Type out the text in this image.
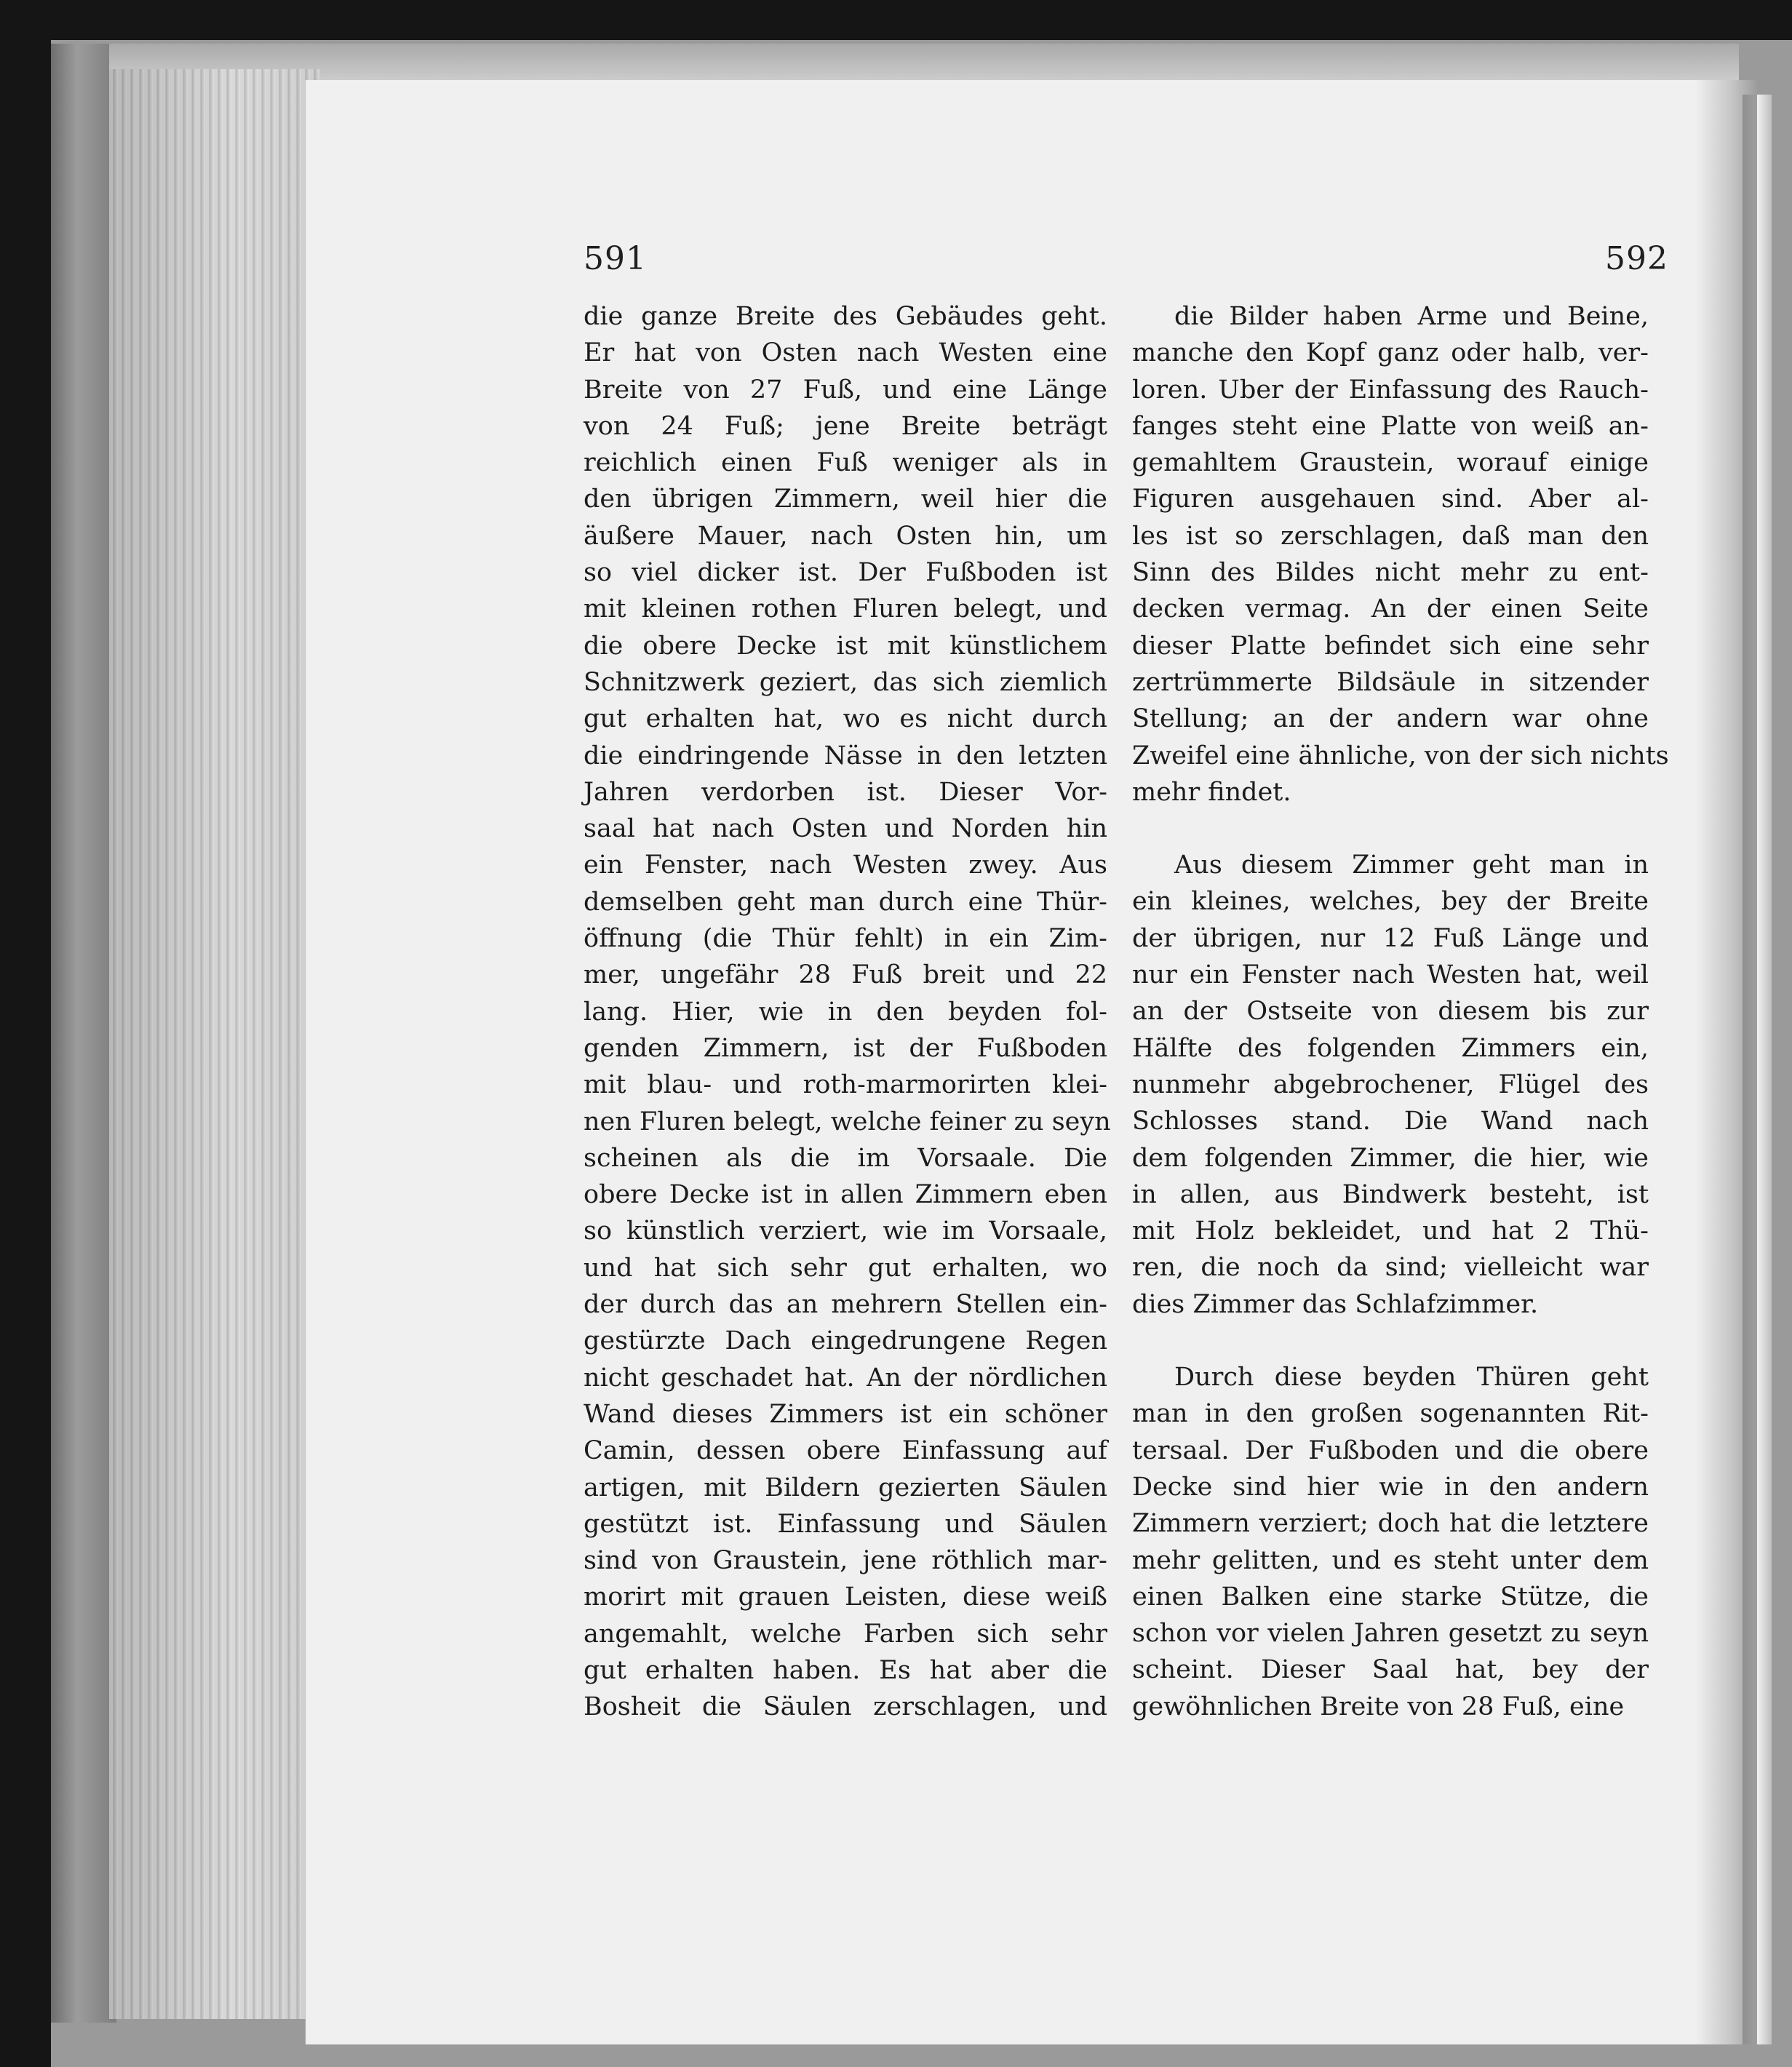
591	592
die ganze Breite des Gebäudes geht.
Er hat von Osten nach Westen eine
Breite von 27 Fuß, und eine Länge
von 24 Fuß; jene Breite beträgt
reichlich einen Fuß weniger als in
den übrigen Zimmern, weil hier die
äußere Mauer, nach Osten hin, um
so viel dicker ist. Der Fußboden ist
mit kleinen rothen Fluren belegt, und
die obere Decke ist mit künstlichem
Schnitzwerk geziert, das sich ziemlich
gut erhalten hat, wo es nicht durch
die eindringende Nässe in den letzten
Jahren verdorben ist. Dieser Vor-
saal hat nach Osten und Norden hin
ein Fenster, nach Westen zwey. Aus
demselben geht man durch eine Thür-
öffnung (die Thür fehlt) in ein Zim-
mer, ungefähr 28 Fuß breit und 22
lang. Hier, wie in den beyden fol-
genden Zimmern, ist der Fußboden
mit blau- und roth-marmorirten klei-
nen Fluren belegt, welche feiner zu seyn
scheinen als die im Vorsaale. Die
obere Decke ist in allen Zimmern eben
so künstlich verziert, wie im Vorsaale,
und hat sich sehr gut erhalten, wo
der durch das an mehrern Stellen ein-
gestürzte Dach eingedrungene Regen
nicht geschadet hat. An der nördlichen
Wand dieses Zimmers ist ein schöner
Camin, dessen obere Einfassung auf
artigen, mit Bildern gezierten Säulen
gestützt ist. Einfassung und Säulen
sind von Graustein, jene röthlich mar-
morirt mit grauen Leisten, diese weiß
angemahlt, welche Farben sich sehr
gut erhalten haben. Es hat aber die
Bosheit die Säulen zerschlagen, und
die Bilder haben Arme und Beine,
manche den Kopf ganz oder halb, ver-
loren. Uber der Einfassung des Rauch-
fanges steht eine Platte von weiß an-
gemahltem Graustein, worauf einige
Figuren ausgehauen sind. Aber al-
les ist so zerschlagen, daß man den
Sinn des Bildes nicht mehr zu ent-
decken vermag. An der einen Seite
dieser Platte befindet sich eine sehr
zertrümmerte Bildsäule in sitzender
Stellung; an der andern war ohne
Zweifel eine ähnliche, von der sich nichts
mehr findet.
Aus diesem Zimmer geht man in
ein kleines, welches, bey der Breite
der übrigen, nur 12 Fuß Länge und
nur ein Fenster nach Westen hat, weil
an der Ostseite von diesem bis zur
Hälfte des folgenden Zimmers ein,
nunmehr abgebrochener, Flügel des
Schlosses stand. Die Wand nach
dem folgenden Zimmer, die hier, wie
in allen, aus Bindwerk besteht, ist
mit Holz bekleidet, und hat 2 Thü-
ren, die noch da sind; vielleicht war
dies Zimmer das Schlafzimmer.
Durch diese beyden Thüren geht
man in den großen sogenannten Rit-
tersaal. Der Fußboden und die obere
Decke sind hier wie in den andern
Zimmern verziert; doch hat die letztere
mehr gelitten, und es steht unter dem
einen Balken eine starke Stütze, die
schon vor vielen Jahren gesetzt zu seyn
scheint. Dieser Saal hat, bey der
gewöhnlichen Breite von 28 Fuß, eine
